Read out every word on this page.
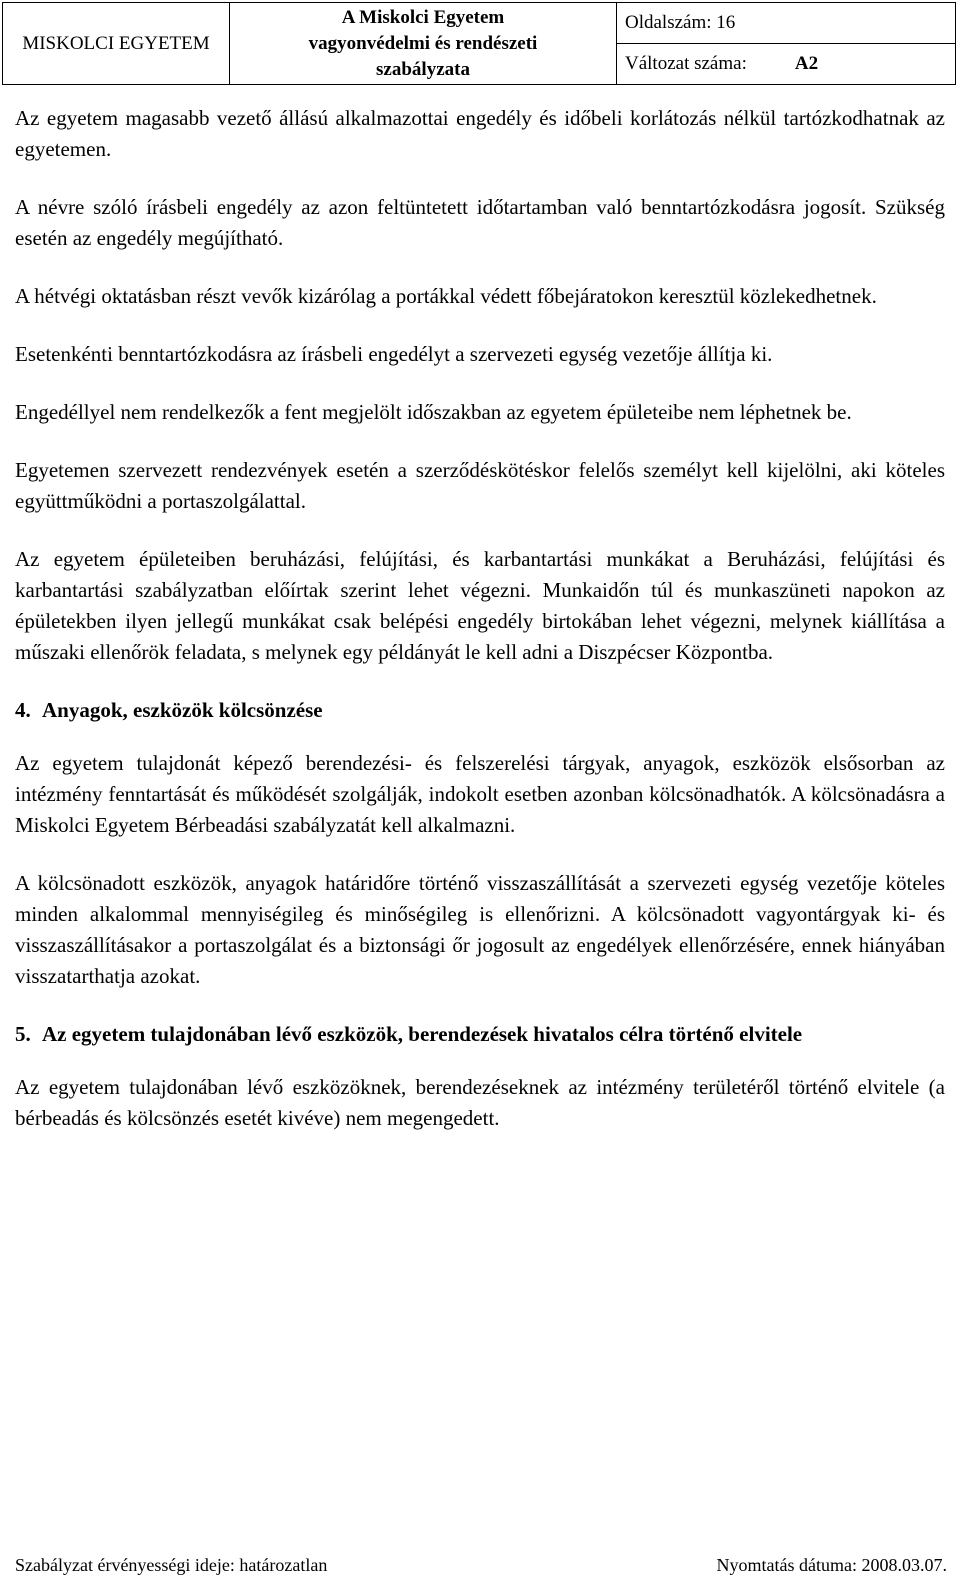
MISKOLCI EGYETEM	
A Miskolci Egyetem
vagyonvédelmi és rendészeti
szabályzata
	Oldalszám: 16

Változat száma:	A2

Az egyetem magasabb vezető állású alkalmazottai engedély és időbeli korlátozás nélkül tartózkodhatnak az egyetemen.

A névre szóló írásbeli engedély az azon feltüntetett időtartamban való benntartózkodásra jogosít. Szükség esetén az engedély megújítható.

A hétvégi oktatásban részt vevők kizárólag a portákkal védett főbejáratokon keresztül közlekedhetnek.

Esetenkénti benntartózkodásra az írásbeli engedélyt a szervezeti egység vezetője állítja ki.

Engedéllyel nem rendelkezők a fent megjelölt időszakban az egyetem épületeibe nem léphetnek be.

Egyetemen szervezett rendezvények esetén a szerződéskötéskor felelős személyt kell kijelölni, aki köteles együttműködni a portaszolgálattal.

Az egyetem épületeiben beruházási, felújítási, és karbantartási munkákat a Beruházási, felújítási és karbantartási szabályzatban előírtak szerint lehet végezni. Munkaidőn túl és munkaszüneti napokon az épületekben ilyen jellegű munkákat csak belépési engedély birtokában lehet végezni, melynek kiállítása a műszaki ellenőrök feladata, s melynek egy példányát le kell adni a Diszpécser Központba.

4. Anyagok, eszközök kölcsönzése

Az egyetem tulajdonát képező berendezési- és felszerelési tárgyak, anyagok, eszközök elsősorban az intézmény fenntartását és működését szolgálják, indokolt esetben azonban kölcsönadhatók. A kölcsönadásra a Miskolci Egyetem Bérbeadási szabályzatát kell alkalmazni.

A kölcsönadott eszközök, anyagok határidőre történő visszaszállítását a szervezeti egység vezetője köteles minden alkalommal mennyiségileg és minőségileg is ellenőrizni. A kölcsönadott vagyontárgyak ki- és visszaszállításakor a portaszolgálat és a biztonsági őr jogosult az engedélyek ellenőrzésére, ennek hiányában visszatarthatja azokat.

5. Az egyetem tulajdonában lévő eszközök, berendezések hivatalos célra történő elvitele

Az egyetem tulajdonában lévő eszközöknek, berendezéseknek az intézmény területéről történő elvitele (a bérbeadás és kölcsönzés esetét kivéve) nem megengedett.

Szabályzat érvényességi ideje: határozatlan	Nyomtatás dátuma: 2008.03.07.
